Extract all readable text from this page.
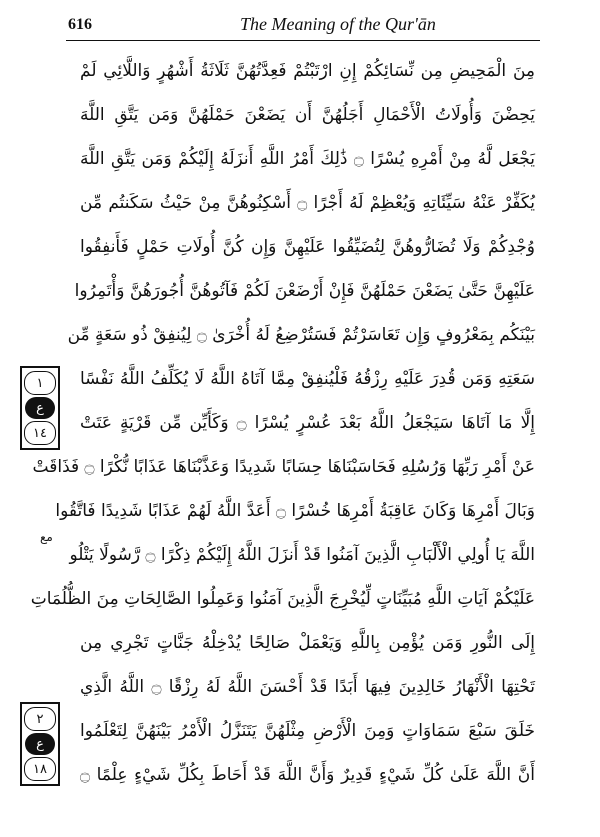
616	The Meaning of the Qur'ān
مِنَ الْمَحِيضِ مِن نِّسَائِكُمْ إِنِ ارْتَبْتُمْ فَعِدَّتُهُنَّ ثَلَاثَةُ أَشْهُرٍ وَاللَّائِي لَمْ
يَحِضْنَ وَأُولَاتُ الْأَحْمَالِ أَجَلُهُنَّ أَن يَضَعْنَ حَمْلَهُنَّ وَمَن يَتَّقِ اللَّهَ
يَجْعَل لَّهُ مِنْ أَمْرِهِ يُسْرًا ۝ ذَٰلِكَ أَمْرُ اللَّهِ أَنزَلَهُ إِلَيْكُمْ وَمَن يَتَّقِ اللَّهَ
يُكَفِّرْ عَنْهُ سَيِّئَاتِهِ وَيُعْظِمْ لَهُ أَجْرًا ۝ أَسْكِنُوهُنَّ مِنْ حَيْثُ سَكَنتُم مِّن
وُجْدِكُمْ وَلَا تُضَارُّوهُنَّ لِتُضَيِّقُوا عَلَيْهِنَّ وَإِن كُنَّ أُولَاتِ حَمْلٍ فَأَنفِقُوا
عَلَيْهِنَّ حَتَّىٰ يَضَعْنَ حَمْلَهُنَّ فَإِنْ أَرْضَعْنَ لَكُمْ فَآتُوهُنَّ أُجُورَهُنَّ وَأْتَمِرُوا
بَيْنَكُم بِمَعْرُوفٍ وَإِن تَعَاسَرْتُمْ فَسَتُرْضِعُ لَهُ أُخْرَىٰ ۝ لِيُنفِقْ ذُو سَعَةٍ مِّن
سَعَتِهِ وَمَن قُدِرَ عَلَيْهِ رِزْقُهُ فَلْيُنفِقْ مِمَّا آتَاهُ اللَّهُ لَا يُكَلِّفُ اللَّهُ نَفْسًا
إِلَّا مَا آتَاهَا سَيَجْعَلُ اللَّهُ بَعْدَ عُسْرٍ يُسْرًا ۝ وَكَأَيِّن مِّن قَرْيَةٍ عَتَتْ
عَنْ أَمْرِ رَبِّهَا وَرُسُلِهِ فَحَاسَبْنَاهَا حِسَابًا شَدِيدًا وَعَذَّبْنَاهَا عَذَابًا نُّكْرًا ۝ فَذَاقَتْ
وَبَالَ أَمْرِهَا وَكَانَ عَاقِبَةُ أَمْرِهَا خُسْرًا ۝ أَعَدَّ اللَّهُ لَهُمْ عَذَابًا شَدِيدًا فَاتَّقُوا
اللَّهَ يَا أُولِي الْأَلْبَابِ الَّذِينَ آمَنُوا قَدْ أَنزَلَ اللَّهُ إِلَيْكُمْ ذِكْرًا ۝ رَّسُولًا يَتْلُو
عَلَيْكُمْ آيَاتِ اللَّهِ مُبَيِّنَاتٍ لِّيُخْرِجَ الَّذِينَ آمَنُوا وَعَمِلُوا الصَّالِحَاتِ مِنَ الظُّلُمَاتِ
إِلَى النُّورِ وَمَن يُؤْمِن بِاللَّهِ وَيَعْمَلْ صَالِحًا يُدْخِلْهُ جَنَّاتٍ تَجْرِي مِن
تَحْتِهَا الْأَنْهَارُ خَالِدِينَ فِيهَا أَبَدًا قَدْ أَحْسَنَ اللَّهُ لَهُ رِزْقًا ۝ اللَّهُ الَّذِي
خَلَقَ سَبْعَ سَمَاوَاتٍ وَمِنَ الْأَرْضِ مِثْلَهُنَّ يَتَنَزَّلُ الْأَمْرُ بَيْنَهُنَّ لِتَعْلَمُوا
أَنَّ اللَّهَ عَلَىٰ كُلِّ شَيْءٍ قَدِيرٌ وَأَنَّ اللَّهَ قَدْ أَحَاطَ بِكُلِّ شَيْءٍ عِلْمًا ۝
١
ع
١٤
مع
٢
ع
١٨
